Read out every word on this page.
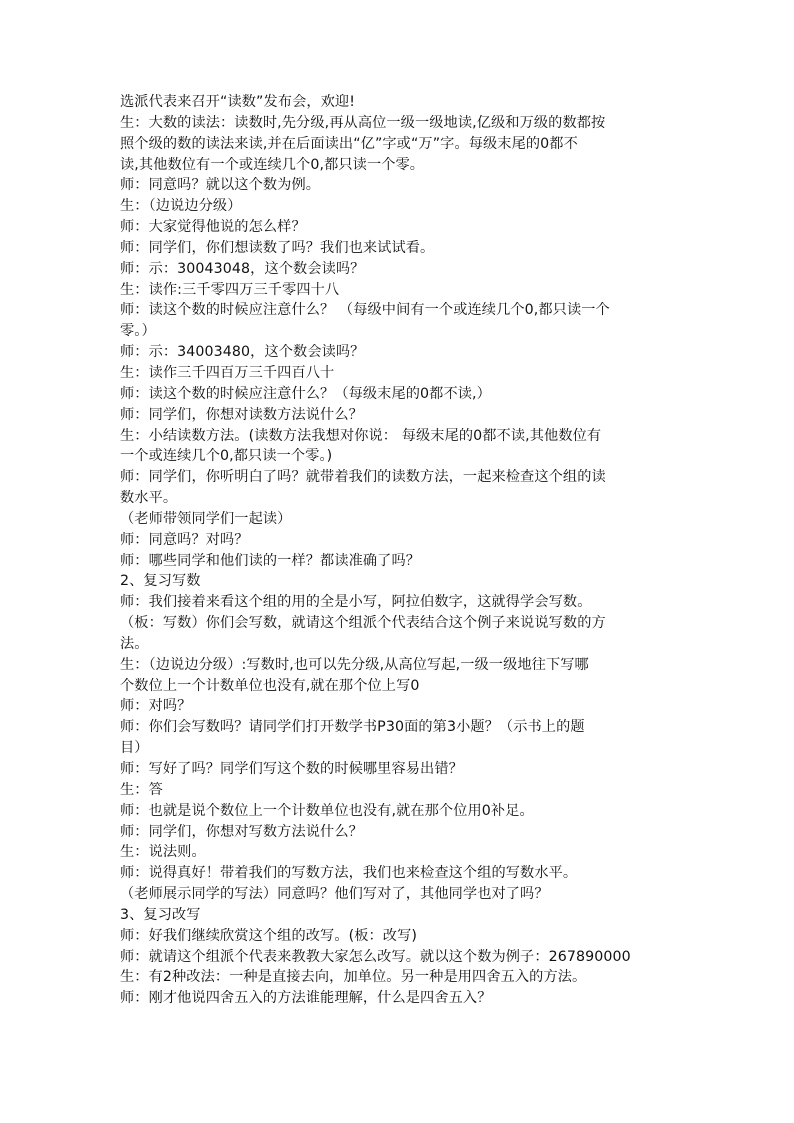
选派代表来召开“读数”发布会，欢迎!
生：大数的读法：读数时,先分级,再从高位一级一级地读,亿级和万级的数都按
照个级的数的读法来读,并在后面读出“亿”字或“万”字。每级末尾的0都不
读,其他数位有一个或连续几个0,都只读一个零。
师：同意吗？就以这个数为例。
生：（边说边分级）
师：大家觉得他说的怎么样？
师：同学们，你们想读数了吗？我们也来试试看。
师：示：30043048，这个数会读吗？
生：读作:三千零四万三千零四十八
师：读这个数的时候应注意什么？ （每级中间有一个或连续几个0,都只读一个
零。）
师：示：34003480，这个数会读吗？
生：读作三千四百万三千四百八十
师：读这个数的时候应注意什么？（每级末尾的0都不读,）
师：同学们，你想对读数方法说什么？
生：小结读数方法。(读数方法我想对你说： 每级末尾的0都不读,其他数位有
一个或连续几个0,都只读一个零。)
师：同学们，你听明白了吗？就带着我们的读数方法，一起来检查这个组的读
数水平。
（老师带领同学们一起读）
师：同意吗？对吗？
师：哪些同学和他们读的一样？都读准确了吗？
2、复习写数
师：我们接着来看这个组的用的全是小写，阿拉伯数字，这就得学会写数。
（板：写数）你们会写数，就请这个组派个代表结合这个例子来说说写数的方
法。
生：（边说边分级）:写数时,也可以先分级,从高位写起,一级一级地往下写哪
个数位上一个计数单位也没有,就在那个位上写0
师：对吗？
师：你们会写数吗？请同学们打开数学书P30面的第3小题？（示书上的题
目）
师：写好了吗？同学们写这个数的时候哪里容易出错？
生：答
师：也就是说个数位上一个计数单位也没有,就在那个位用0补足。
师：同学们，你想对写数方法说什么？
生：说法则。
师：说得真好！带着我们的写数方法，我们也来检查这个组的写数水平。
（老师展示同学的写法）同意吗？他们写对了，其他同学也对了吗？
3、复习改写
师：好我们继续欣赏这个组的改写。(板：改写)
师：就请这个组派个代表来教教大家怎么改写。就以这个数为例子：267890000
生：有2种改法：一种是直接去向，加单位。另一种是用四舍五入的方法。
师：刚才他说四舍五入的方法谁能理解，什么是四舍五入？
